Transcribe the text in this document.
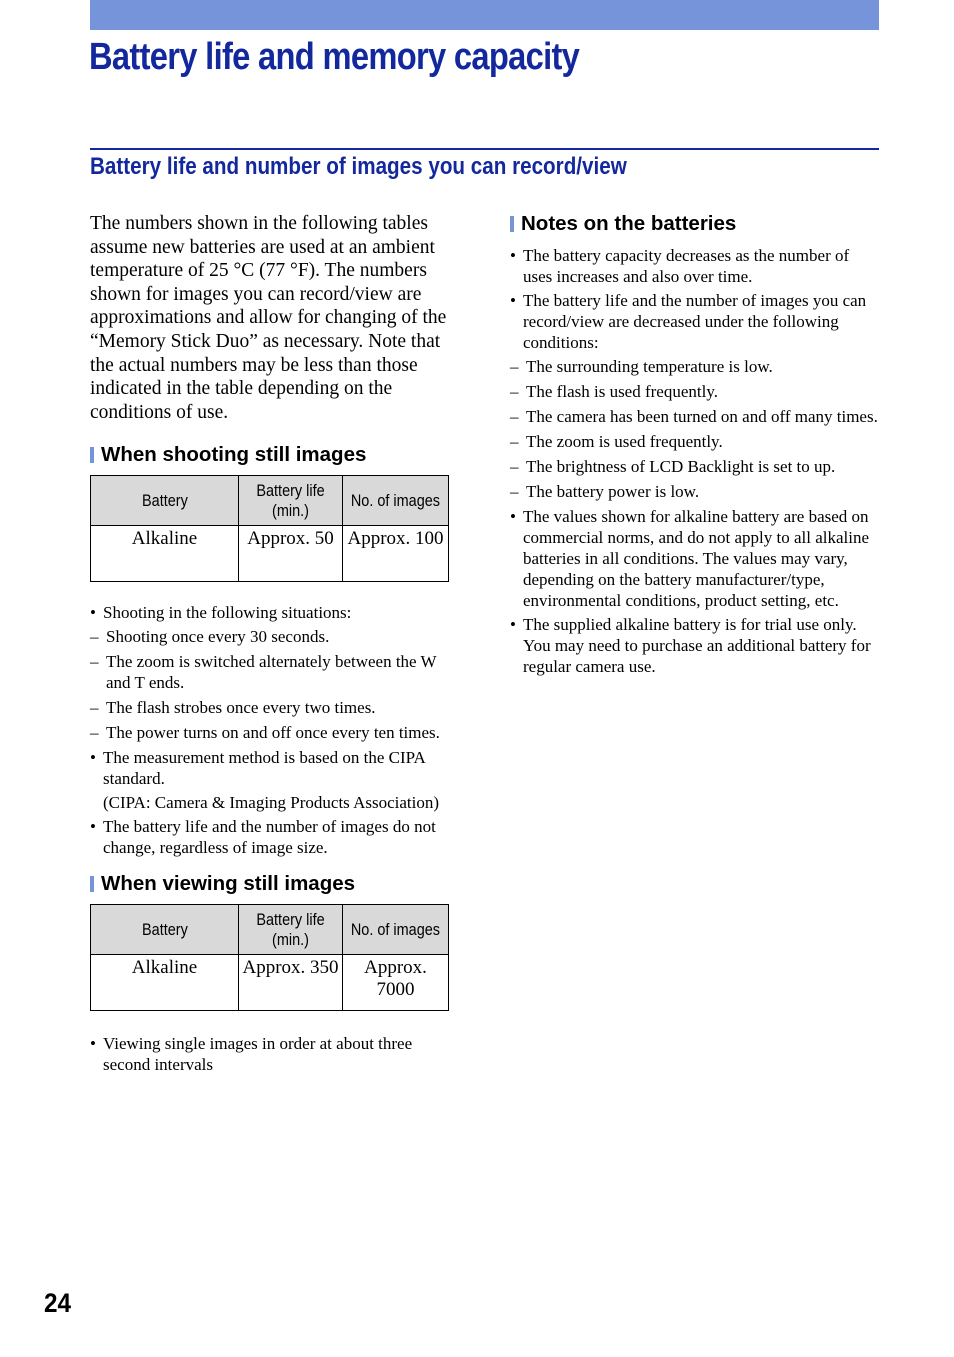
Battery life and memory capacity
Battery life and number of images you can record/view

The numbers shown in the following tables assume new batteries are used at an ambient temperature of 25 °C (77 °F). The numbers shown for images you can record/view are approximations and allow for changing of the “Memory Stick Duo” as necessary. Note that the actual numbers may be less than those indicated in the table depending on the conditions of use.

When shooting still images
Battery	Battery life (min.)	No. of images
Alkaline	Approx. 50	Approx. 100
• Shooting in the following situations:
– Shooting once every 30 seconds.
– The zoom is switched alternately between the W and T ends.
– The flash strobes once every two times.
– The power turns on and off once every ten times.
• The measurement method is based on the CIPA standard.
(CIPA: Camera & Imaging Products Association)
• The battery life and the number of images do not change, regardless of image size.
When viewing still images
Battery	Battery life (min.)	No. of images
Alkaline	Approx. 350	Approx. 7000
• Viewing single images in order at about three second intervals
Notes on the batteries
• The battery capacity decreases as the number of uses increases and also over time.
• The battery life and the number of images you can record/view are decreased under the following conditions:
– The surrounding temperature is low.
– The flash is used frequently.
– The camera has been turned on and off many times.
– The zoom is used frequently.
– The brightness of LCD Backlight is set to up.
– The battery power is low.
• The values shown for alkaline battery are based on commercial norms, and do not apply to all alkaline batteries in all conditions. The values may vary, depending on the battery manufacturer/type, environmental conditions, product setting, etc.
• The supplied alkaline battery is for trial use only. You may need to purchase an additional battery for regular camera use.
24
